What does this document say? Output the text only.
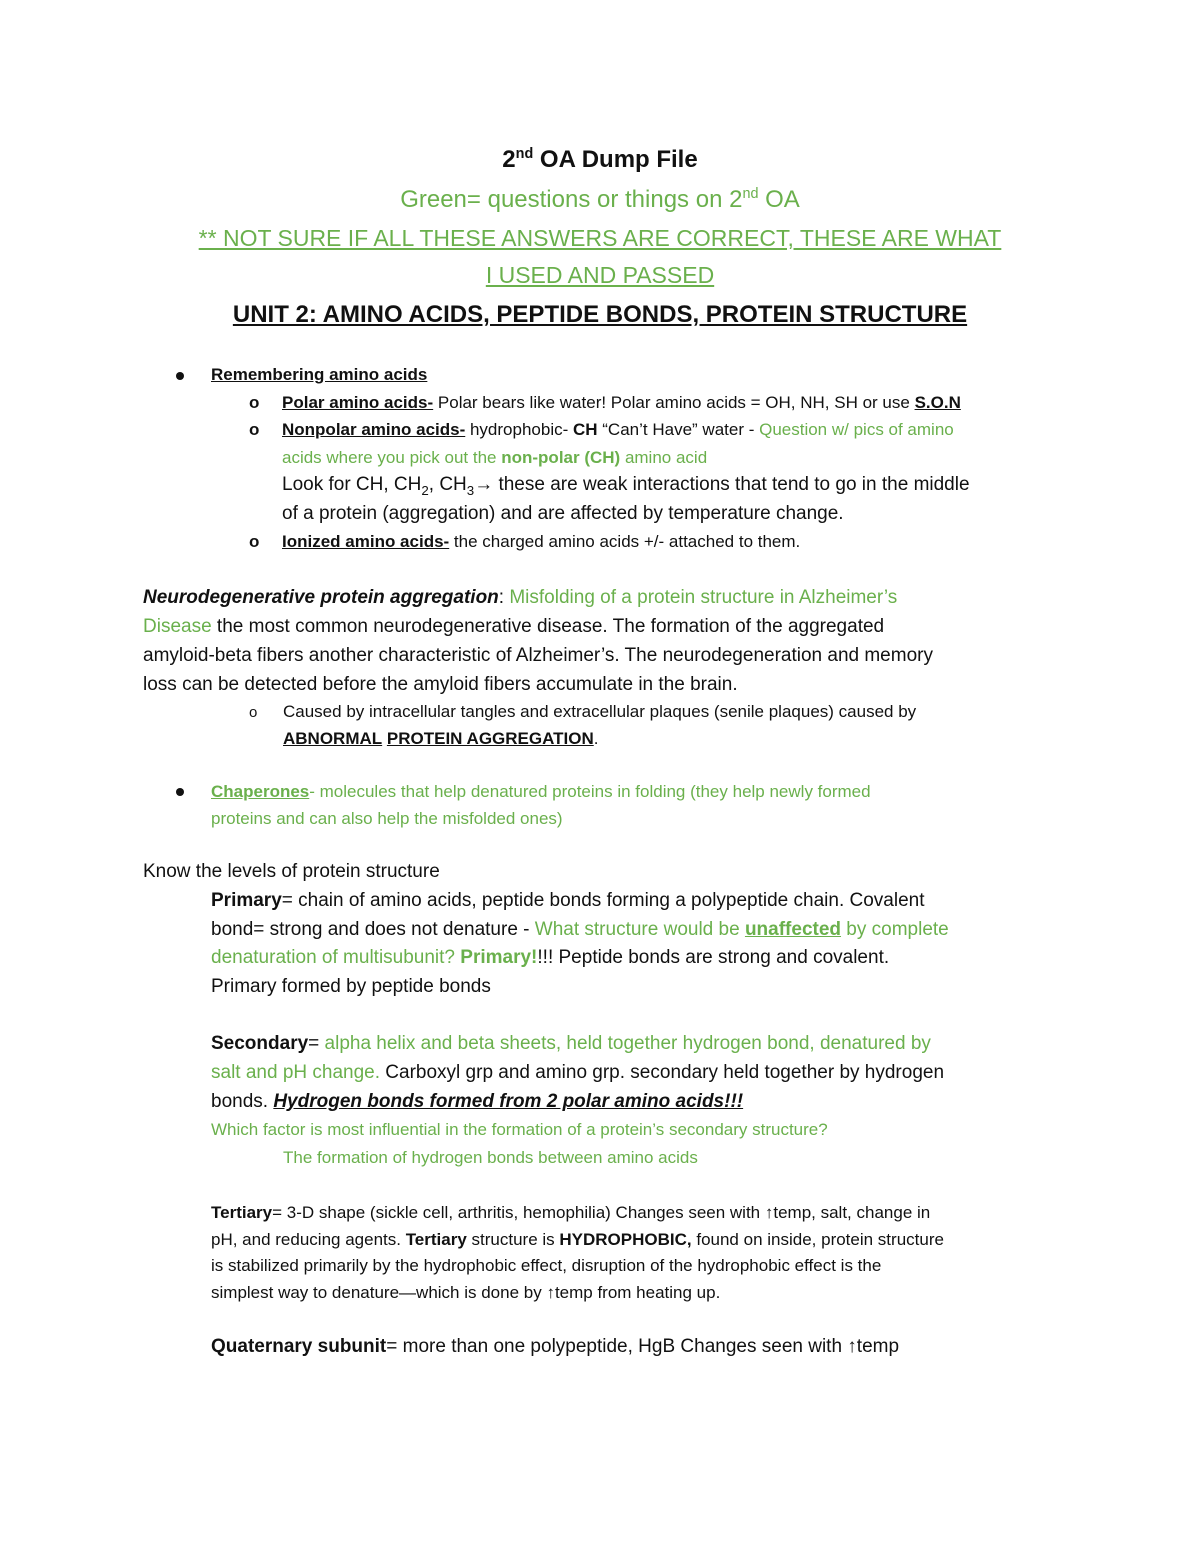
2nd OA Dump File
Green= questions or things on 2nd OA
** NOT SURE IF ALL THESE ANSWERS ARE CORRECT, THESE ARE WHAT
I USED AND PASSED
UNIT 2: AMINO ACIDS, PEPTIDE BONDS, PROTEIN STRUCTURE
Remembering amino acids
o Polar amino acids- Polar bears like water! Polar amino acids = OH, NH, SH or use S.O.N
o Nonpolar amino acids- hydrophobic- CH “Can’t Have” water - Question w/ pics of amino
acids where you pick out the non-polar (CH) amino acid
Look for CH, $CH_2$, $CH_3\to$ these are weak interactions that tend to go in the middle
of a protein (aggregation) and are affected by temperature change.
o Ionized amino acids- the charged amino acids +/- attached to them.
Neurodegenerative protein aggregation: Misfolding of a protein structure in Alzheimer’s
Disease the most common neurodegenerative disease. The formation of the aggregated
amyloid-beta fibers another characteristic of Alzheimer’s. The neurodegeneration and memory
loss can be detected before the amyloid fibers accumulate in the brain.
o Caused by intracellular tangles and extracellular plaques (senile plaques) caused by
ABNORMAL PROTEIN AGGREGATION.
Chaperones- molecules that help denatured proteins in folding (they help newly formed
proteins and can also help the misfolded ones)
Know the levels of protein structure
Primary= chain of amino acids, peptide bonds forming a polypeptide chain. Covalent
bond= strong and does not denature - What structure would be unaffected by complete
denaturation of multisubunit? Primary!!!! Peptide bonds are strong and covalent.
Primary formed by peptide bonds
Secondary= alpha helix and beta sheets, held together hydrogen bond, denatured by
salt and pH change. Carboxyl grp and amino grp. secondary held together by hydrogen
bonds. Hydrogen bonds formed from 2 polar amino acids!!!
Which factor is most influential in the formation of a protein’s secondary structure?
The formation of hydrogen bonds between amino acids
Tertiary= 3-D shape (sickle cell, arthritis, hemophilia) Changes seen with ↑temp, salt, change in
pH, and reducing agents. Tertiary structure is HYDROPHOBIC, found on inside, protein structure
is stabilized primarily by the hydrophobic effect, disruption of the hydrophobic effect is the
simplest way to denature—which is done by ↑temp from heating up.
Quaternary subunit= more than one polypeptide, HgB Changes seen with ↑temp
